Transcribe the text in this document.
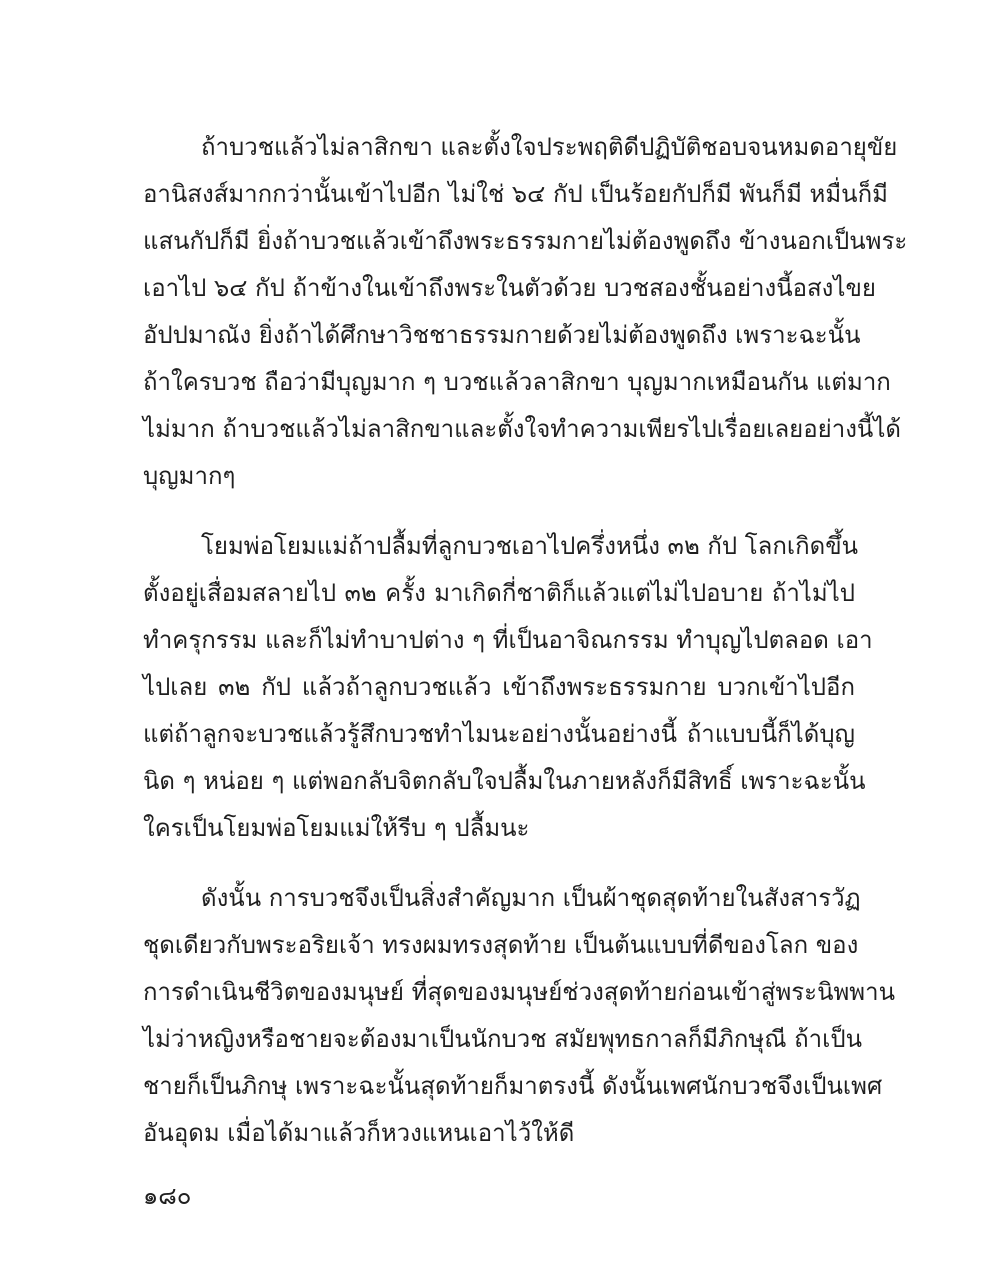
ถ้าบวชแล้วไม่ลาสิกขา และตั้งใจประพฤติดีปฏิบัติชอบจนหมดอายุขัย
อานิสงส์มากกว่านั้นเข้าไปอีก ไม่ใช่ ๖๔ กัป เป็นร้อยกัปก็มี พันก็มี หมื่นก็มี
แสนกัปก็มี ยิ่งถ้าบวชแล้วเข้าถึงพระธรรมกายไม่ต้องพูดถึง ข้างนอกเป็นพระ
เอาไป ๖๔ กัป ถ้าข้างในเข้าถึงพระในตัวด้วย บวชสองชั้นอย่างนี้อสงไขย
อัปปมาณัง ยิ่งถ้าได้ศึกษาวิชชาธรรมกายด้วยไม่ต้องพูดถึง เพราะฉะนั้น
ถ้าใครบวช ถือว่ามีบุญมาก ๆ บวชแล้วลาสิกขา บุญมากเหมือนกัน แต่มาก
ไม่มาก ถ้าบวชแล้วไม่ลาสิกขาและตั้งใจทำความเพียรไปเรื่อยเลยอย่างนี้ได้
บุญมากๆ
โยมพ่อโยมแม่ถ้าปลื้มที่ลูกบวชเอาไปครึ่งหนึ่ง ๓๒ กัป โลกเกิดขึ้น
ตั้งอยู่เสื่อมสลายไป ๓๒ ครั้ง มาเกิดกี่ชาติก็แล้วแต่ไม่ไปอบาย ถ้าไม่ไป
ทำครุกรรม และก็ไม่ทำบาปต่าง ๆ ที่เป็นอาจิณกรรม ทำบุญไปตลอด เอา
ไปเลย ๓๒ กัป แล้วถ้าลูกบวชแล้ว เข้าถึงพระธรรมกาย บวกเข้าไปอีก
แต่ถ้าลูกจะบวชแล้วรู้สึกบวชทำไมนะอย่างนั้นอย่างนี้ ถ้าแบบนี้ก็ได้บุญ
นิด ๆ หน่อย ๆ แต่พอกลับจิตกลับใจปลื้มในภายหลังก็มีสิทธิ์ เพราะฉะนั้น
ใครเป็นโยมพ่อโยมแม่ให้รีบ ๆ ปลื้มนะ
ดังนั้น การบวชจึงเป็นสิ่งสำคัญมาก เป็นผ้าชุดสุดท้ายในสังสารวัฏ
ชุดเดียวกับพระอริยเจ้า ทรงผมทรงสุดท้าย เป็นต้นแบบที่ดีของโลก ของ
การดำเนินชีวิตของมนุษย์ ที่สุดของมนุษย์ช่วงสุดท้ายก่อนเข้าสู่พระนิพพาน
ไม่ว่าหญิงหรือชายจะต้องมาเป็นนักบวช สมัยพุทธกาลก็มีภิกษุณี ถ้าเป็น
ชายก็เป็นภิกษุ เพราะฉะนั้นสุดท้ายก็มาตรงนี้ ดังนั้นเพศนักบวชจึงเป็นเพศ
อันอุดม เมื่อได้มาแล้วก็หวงแหนเอาไว้ให้ดี
๑๘๐
